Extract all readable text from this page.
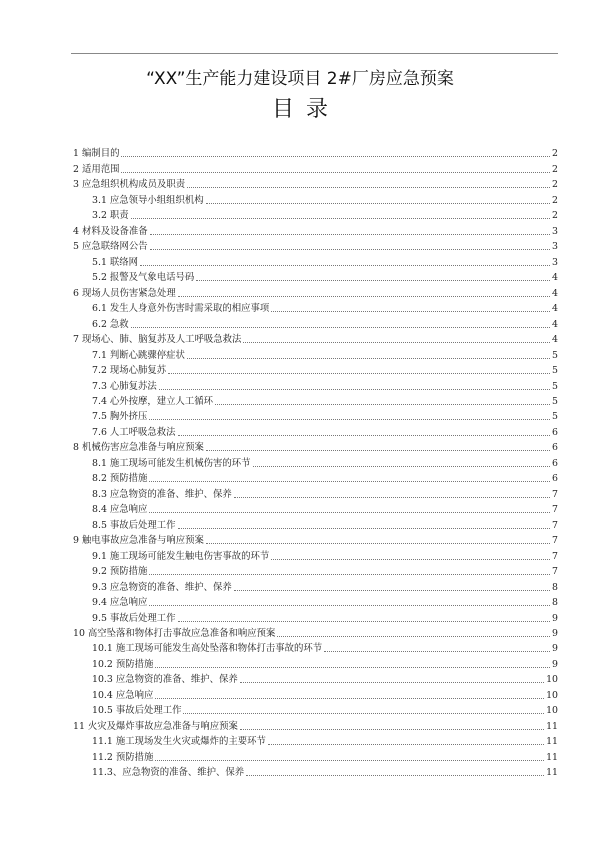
“XX”生产能力建设项目 2#厂房应急预案
目录
1 编制目的	2
2 适用范围	2
3 应急组织机构成员及职责	2
3.1 应急领导小组组织机构	2
3.2 职责	2
4 材料及设备准备	3
5 应急联络网公告	3
5.1 联络网	3
5.2 报警及气象电话号码	4
6 现场人员伤害紧急处理	4
6.1 发生人身意外伤害时需采取的相应事项	4
6.2 急救	4
7 现场心、肺、脑复苏及人工呼吸急救法	4
7.1 判断心跳骤停症状	5
7.2 现场心肺复苏	5
7.3 心肺复苏法	5
7.4 心外按摩，建立人工循环	5
7.5 胸外挤压	5
7.6 人工呼吸急救法	6
8 机械伤害应急准备与响应预案	6
8.1 施工现场可能发生机械伤害的环节	6
8.2 预防措施	6
8.3 应急物资的准备、维护、保养	7
8.4 应急响应	7
8.5 事故后处理工作	7
9 触电事故应急准备与响应预案	7
9.1 施工现场可能发生触电伤害事故的环节	7
9.2 预防措施	7
9.3 应急物资的准备、维护、保养	8
9.4 应急响应	8
9.5 事故后处理工作	9
10 高空坠落和物体打击事故应急准备和响应预案	9
10.1 施工现场可能发生高处坠落和物体打击事故的环节	9
10.2 预防措施	9
10.3 应急物资的准备、维护、保养	10
10.4 应急响应	10
10.5 事故后处理工作	10
11 火灾及爆炸事故应急准备与响应预案	11
11.1 施工现场发生火灾或爆炸的主要环节	11
11.2 预防措施	11
11.3、应急物资的准备、维护、保养	11
